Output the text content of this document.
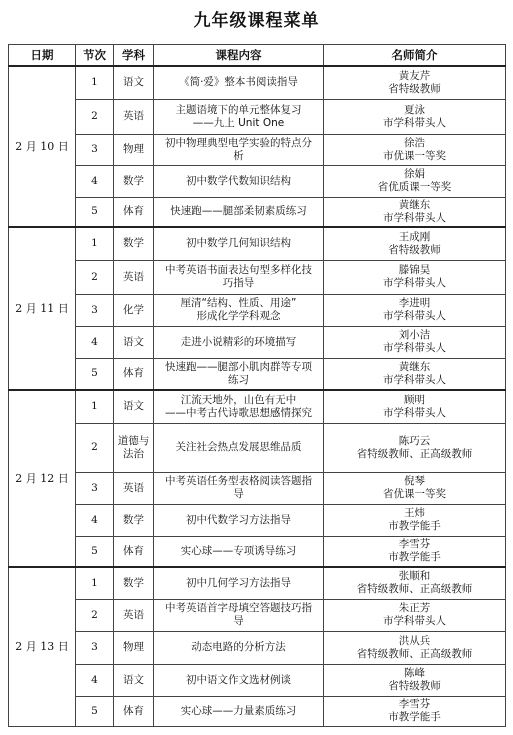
九年级课程菜单
日期	节次	学科	课程内容	名师简介
2 月 10 日	1	语文	《简·爱》整本书阅读指导	黄友芹
省特级教师

	2	英语	主题语境下的单元整体复习
——九上 Unit One	夏泳
市学科带头人

	3	物理	初中物理典型电学实验的特点分析	徐浩
市优课一等奖

	4	数学	初中数学代数知识结构	徐娟
省优质课一等奖

	5	体育	快速跑——腿部柔韧素质练习	黄继东
市学科带头人

2 月 11 日	1	数学	初中数学几何知识结构	王成刚
省特级教师

	2	英语	中考英语书面表达句型多样化技巧指导	滕锦昊
市学科带头人

	3	化学	厘清“结构、性质、用途”
形成化学学科观念	李进明
市学科带头人

	4	语文	走进小说精彩的环境描写	刘小洁
市学科带头人

	5	体育	快速跑——腿部小肌肉群等专项练习	黄继东
市学科带头人

2 月 12 日	1	语文	江流天地外，山色有无中
——中考古代诗歌思想感情探究	顾明
市学科带头人

	2	道德与法治	关注社会热点发展思维品质	陈巧云
省特级教师、正高级教师

	3	英语	中考英语任务型表格阅读答题指导	倪琴
省优课一等奖

	4	数学	初中代数学习方法指导	王炜
市教学能手

	5	体育	实心球——专项诱导练习	李雪芬
市教学能手

2 月 13 日	1	数学	初中几何学习方法指导	张顺和
省特级教师、正高级教师

	2	英语	中考英语首字母填空答题技巧指导	朱正芳
市学科带头人

	3	物理	动态电路的分析方法	洪从兵
省特级教师、正高级教师

	4	语文	初中语文作文选材例谈	陈峰
省特级教师

	5	体育	实心球——力量素质练习	李雪芬
市教学能手
